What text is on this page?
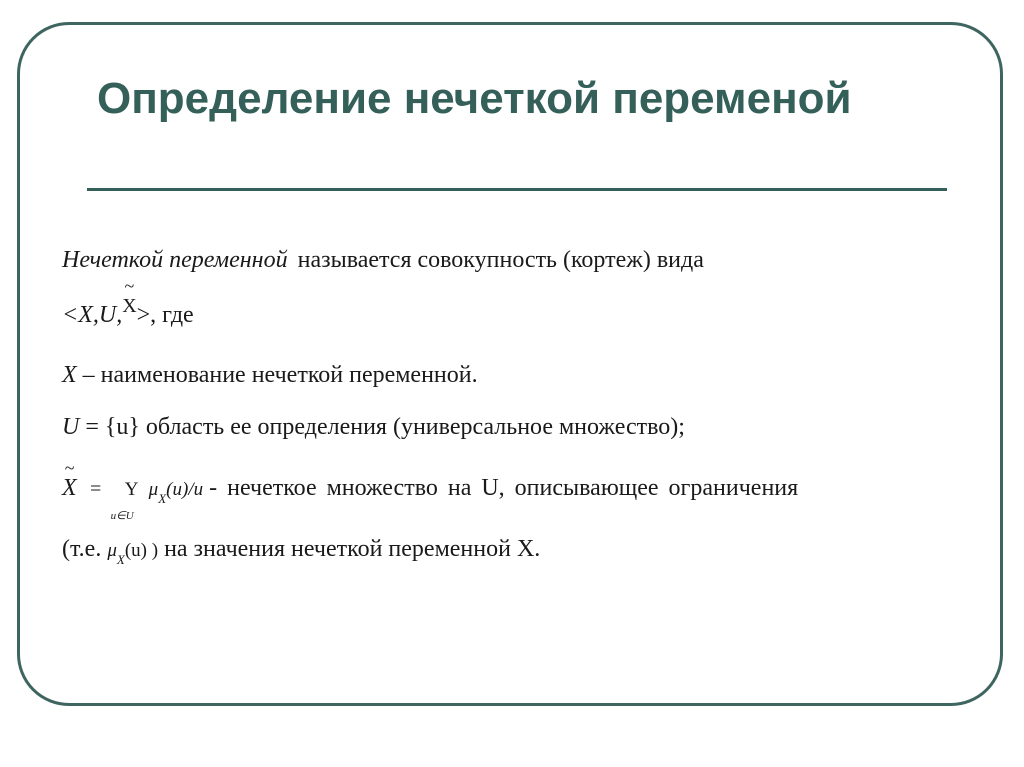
Определение нечеткой переменой
Нечеткой переменной называется совокупность (кортеж) вида
<X,U,
~
X>, где
X – наименование нечеткой переменной.
U = {u} область ее определения (универсальное множество);
~
X = Y
u∈U
$\mu_X(u)/u$ - нечеткое множество на U, описывающее ограничения
(т.е. $\mu_X(u)$ ) на значения нечеткой переменной X.
